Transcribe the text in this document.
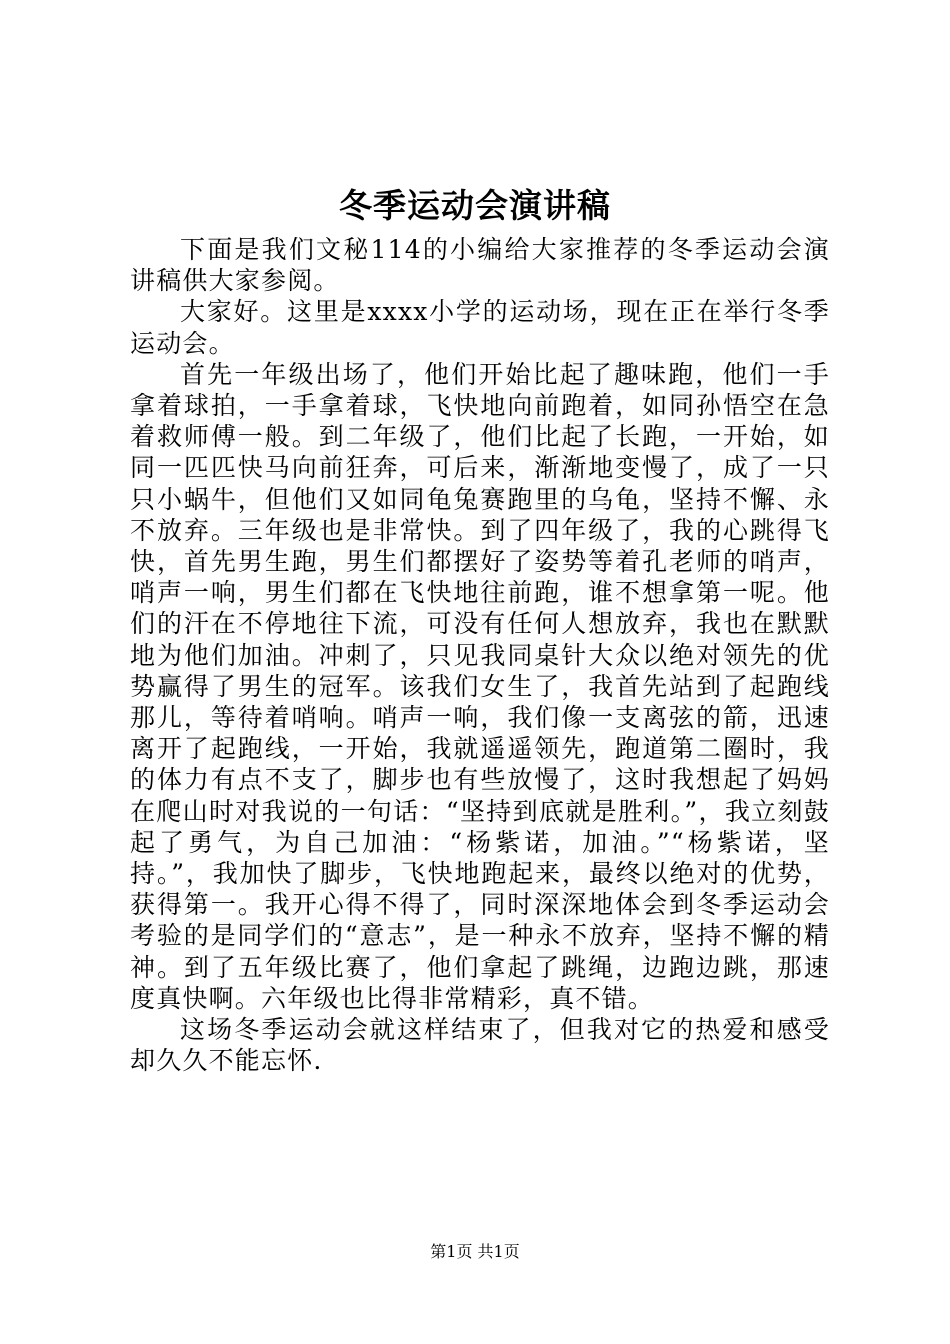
冬季运动会演讲稿

下面是我们文秘114的小编给大家推荐的冬季运动会演讲稿供大家参阅。

大家好。这里是xxxx小学的运动场，现在正在举行冬季运动会。

首先一年级出场了，他们开始比起了趣味跑，他们一手拿着球拍，一手拿着球，飞快地向前跑着，如同孙悟空在急着救师傅一般。到二年级了，他们比起了长跑，一开始，如同一匹匹快马向前狂奔，可后来，渐渐地变慢了，成了一只只小蜗牛，但他们又如同龟兔赛跑里的乌龟，坚持不懈、永不放弃。三年级也是非常快。到了四年级了，我的心跳得飞快，首先男生跑，男生们都摆好了姿势等着孔老师的哨声，哨声一响，男生们都在飞快地往前跑，谁不想拿第一呢。他们的汗在不停地往下流，可没有任何人想放弃，我也在默默地为他们加油。冲刺了，只见我同桌针大众以绝对领先的优势赢得了男生的冠军。该我们女生了，我首先站到了起跑线那儿，等待着哨响。哨声一响，我们像一支离弦的箭，迅速离开了起跑线，一开始，我就遥遥领先，跑道第二圈时，我的体力有点不支了，脚步也有些放慢了，这时我想起了妈妈在爬山时对我说的一句话：“坚持到底就是胜利。”，我立刻鼓起了勇气，为自己加油：“杨紫诺，加油。”“杨紫诺，坚持。”，我加快了脚步，飞快地跑起来，最终以绝对的优势，获得第一。我开心得不得了，同时深深地体会到冬季运动会考验的是同学们的“意志”，是一种永不放弃，坚持不懈的精神。到了五年级比赛了，他们拿起了跳绳，边跑边跳，那速度真快啊。六年级也比得非常精彩，真不错。

这场冬季运动会就这样结束了，但我对它的热爱和感受却久久不能忘怀.

第1页 共1页
